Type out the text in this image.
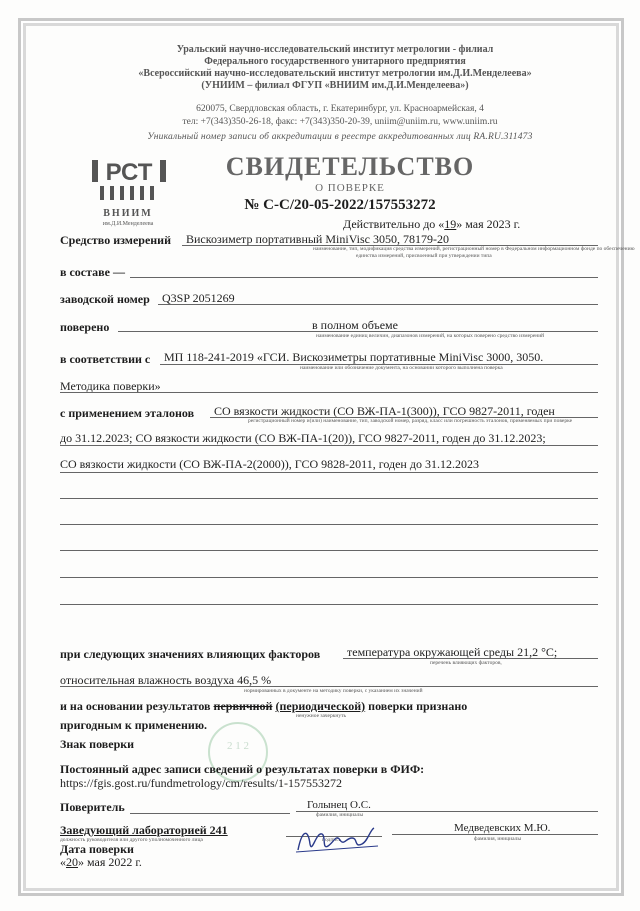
Уральский научно-исследовательский институт метрологии - филиал
Федерального государственного унитарного предприятия
«Всероссийский научно-исследовательский институт метрологии им.Д.И.Менделеева»
(УНИИМ – филиал ФГУП «ВНИИМ им.Д.И.Менделеева»)
620075, Свердловская область, г. Екатеринбург, ул. Красноармейская, 4
тел: +7(343)350-26-18, факс: +7(343)350-20-39, uniim@uniim.ru, www.uniim.ru
Уникальный номер записи об аккредитации в реестре аккредитованных лиц RA.RU.311473
РСТ
ВНИИМ
им.Д.И.Менделеева
СВИДЕТЕЛЬСТВО
О ПОВЕРКЕ
№ С-С/20-05-2022/157553272
Действительно до «19» мая 2023 г.
Средство измерений Вискозиметр портативный MiniVisc 3050, 78179-20
наименование, тип, модификация средства измерений, регистрационный номер в Федеральном информационном фонде по обеспечению
единства измерений, присвоенный при утверждении типа
в составе —
заводской номер Q3SP 2051269
поверено	в полном объеме
наименование единиц величин, диапазонов измерений, на которых поверено средство измерений
в соответствии с МП 118-241-2019 «ГСИ. Вискозиметры портативные MiniVisc 3000, 3050.
наименование или обозначение документа, на основании которого выполнена поверка
Методика поверки»
с применением эталонов СО вязкости жидкости (СО ВЖ-ПА-1(300)), ГСО 9827-2011, годен
регистрационный номер и(или) наименование, тип, заводской номер, разряд, класс или погрешность эталонов, применяемых при поверке
до 31.12.2023; СО вязкости жидкости (СО ВЖ-ПА-1(20)), ГСО 9827-2011, годен до 31.12.2023;
СО вязкости жидкости (СО ВЖ-ПА-2(2000)), ГСО 9828-2011, годен до 31.12.2023
при следующих значениях влияющих факторов температура окружающей среды 21,2 °С;
перечень влияющих факторов,
относительная влажность воздуха 46,5 %
нормированных в документе на методику поверки, с указанием их значений
и на основании результатов первичной (периодической) поверки признано
ненужное зачеркнуть
пригодным к применению.
Знак поверки	2 1 2
Постоянный адрес записи сведений о результатах поверки в ФИФ:
https://fgis.gost.ru/fundmetrology/cm/results/1-157553272
Поверитель	Голынец О.С.
фамилия, инициалы
Заведующий лабораторией 241
должность руководителя или другого уполномоченного лица	подпись
Медведевских М.Ю.
фамилия, инициалы
Дата поверки
«20» мая 2022 г.
